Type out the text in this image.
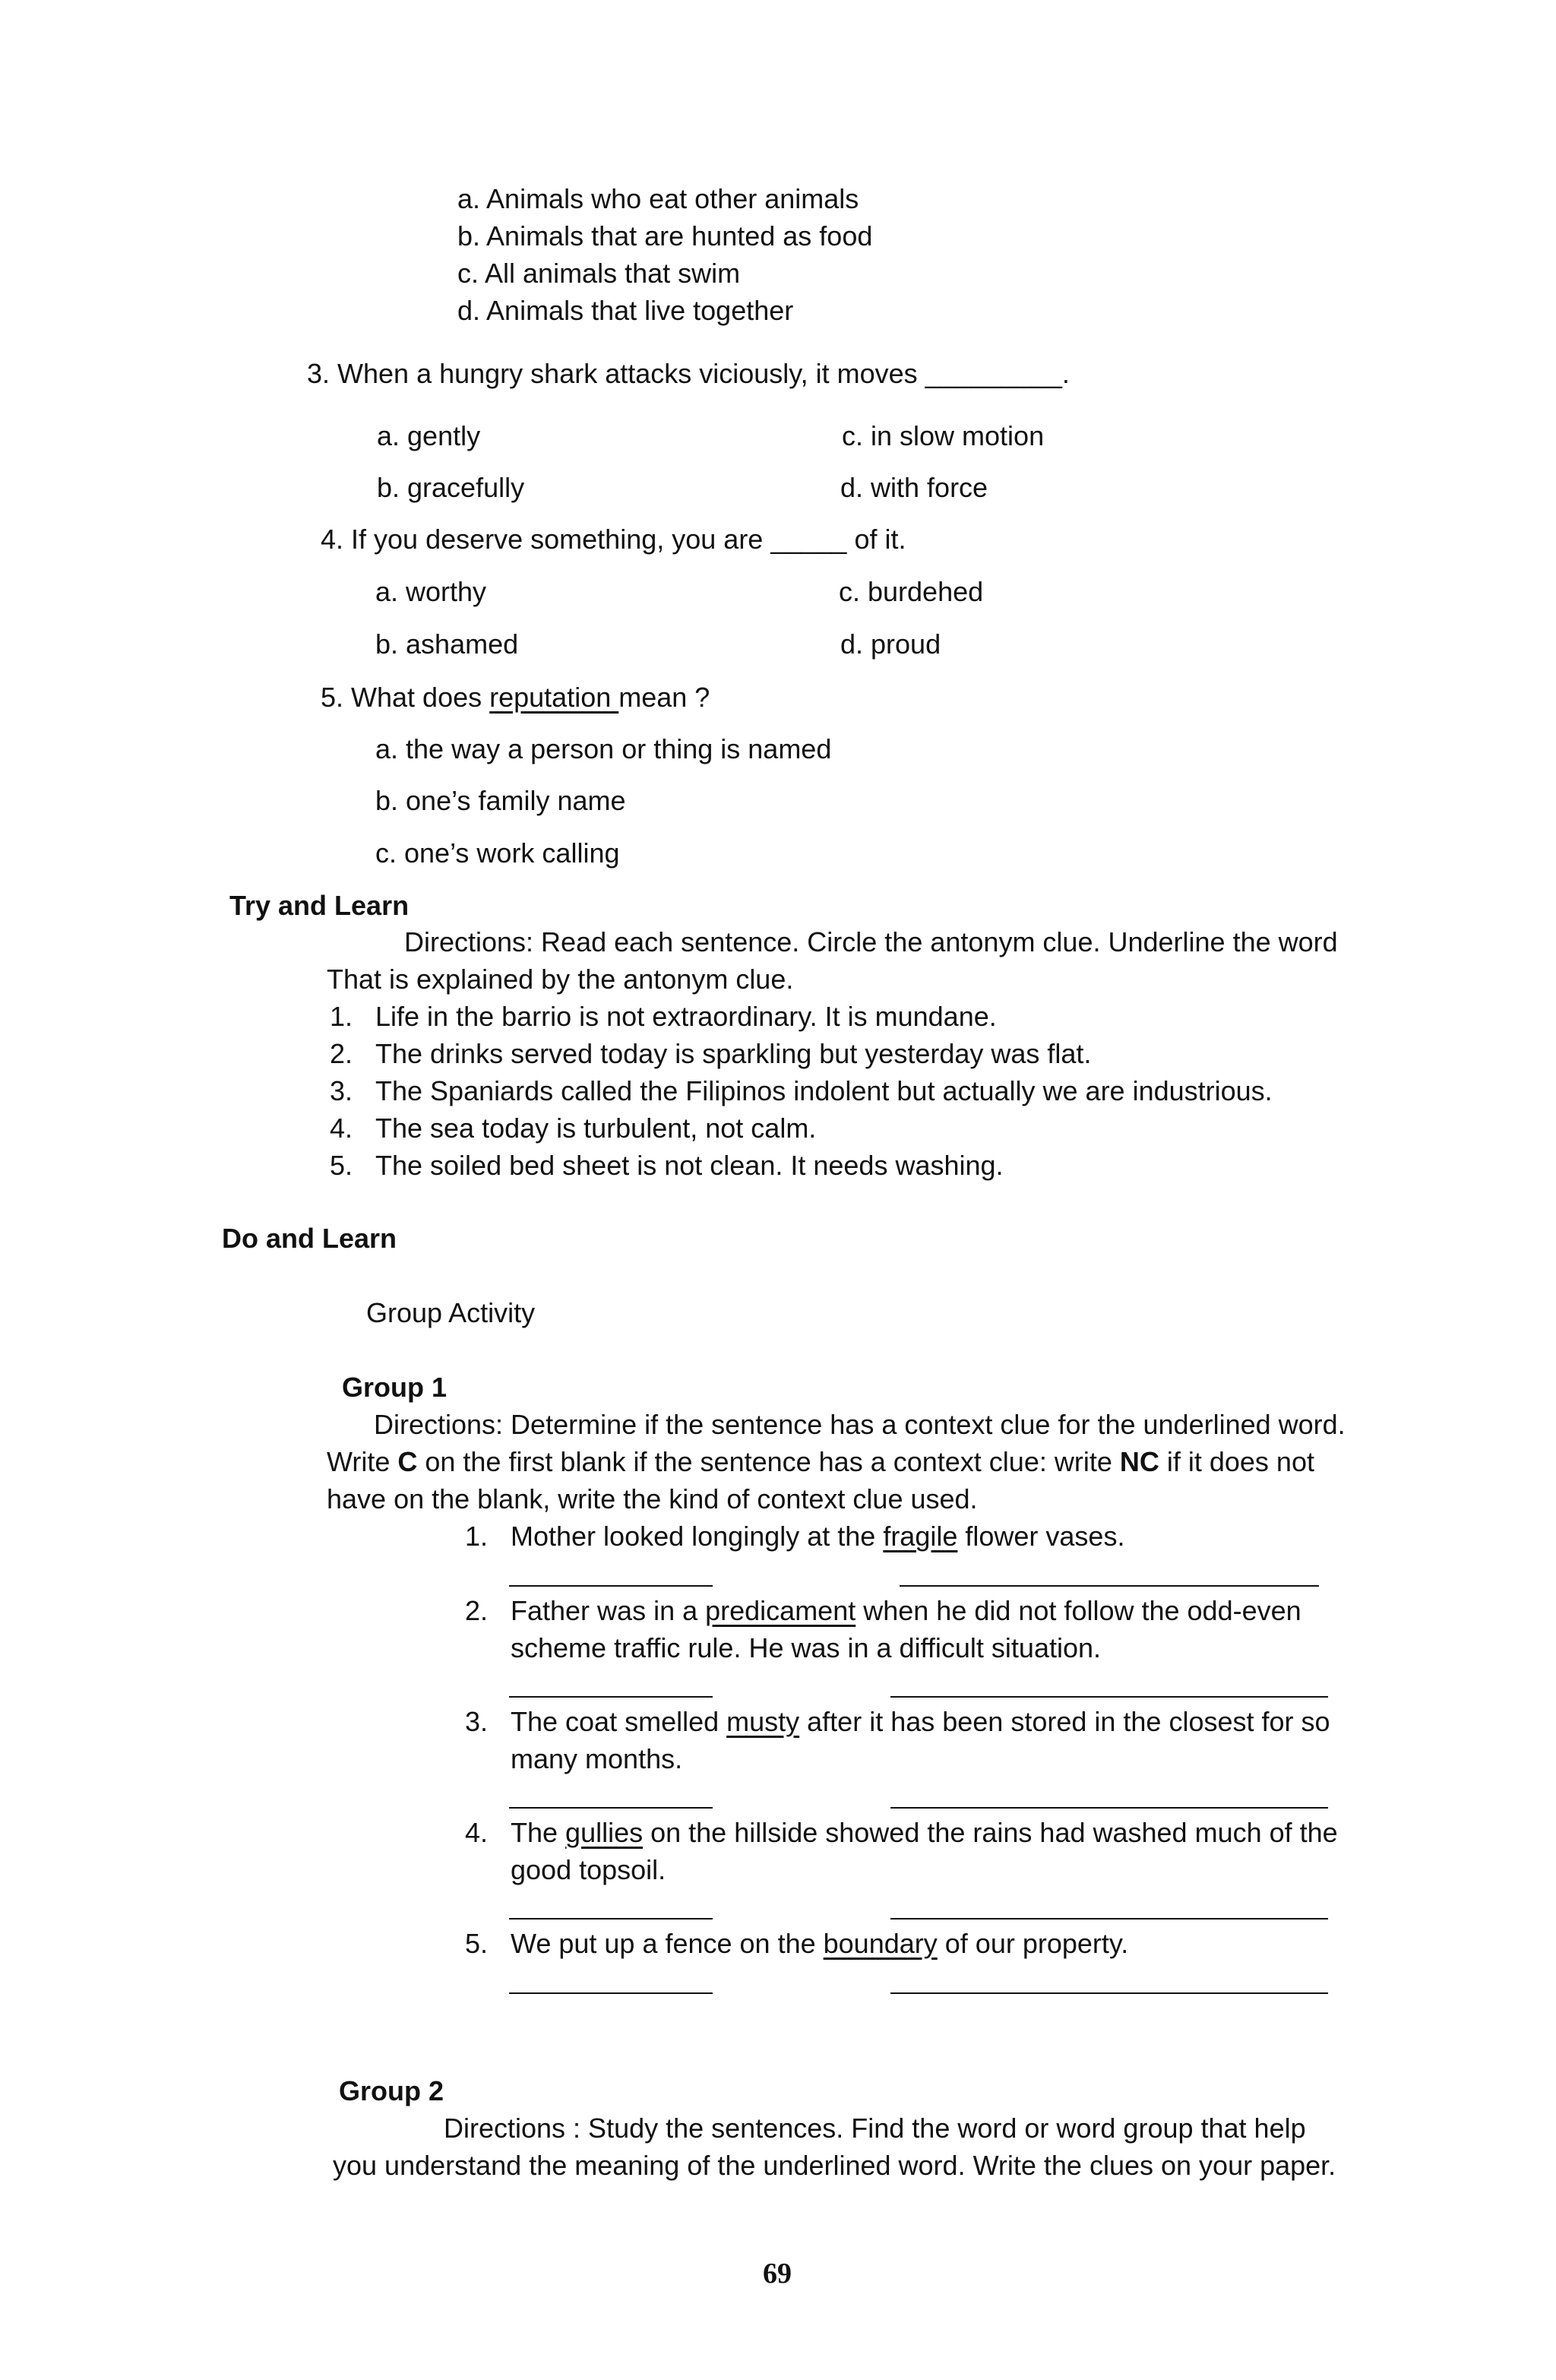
a. Animals who eat other animals
b. Animals that are hunted as food
c. All animals that swim
d. Animals that live together
3. When a hungry shark attacks viciously, it moves _________.
a. gently	c. in slow motion
b. gracefully	d. with force
4. If you deserve something, you are _____ of it.
a. worthy	c. burdehed
b. ashamed	d. proud
5. What does reputation mean ?
a. the way a person or thing is named
b. one’s family name
c. one’s work calling
Try and Learn
Directions: Read each sentence. Circle the antonym clue. Underline the word
That is explained by the antonym clue.
1. Life in the barrio is not extraordinary. It is mundane.
2. The drinks served today is sparkling but yesterday was flat.
3. The Spaniards called the Filipinos indolent but actually we are industrious.
4. The sea today is turbulent, not calm.
5. The soiled bed sheet is not clean. It needs washing.
Do and Learn
Group Activity
Group 1
Directions: Determine if the sentence has a context clue for the underlined word.
Write C on the first blank if the sentence has a context clue: write NC if it does not
have on the blank, write the kind of context clue used.
1. Mother looked longingly at the fragile flower vases.
2. Father was in a predicament when he did not follow the odd-even
scheme traffic rule. He was in a difficult situation.
3. The coat smelled musty after it has been stored in the closest for so
many months.
4. The gullies on the hillside showed the rains had washed much of the
good topsoil.
5. We put up a fence on the boundary of our property.
Group 2
Directions : Study the sentences. Find the word or word group that help
you understand the meaning of the underlined word. Write the clues on your paper.
69
